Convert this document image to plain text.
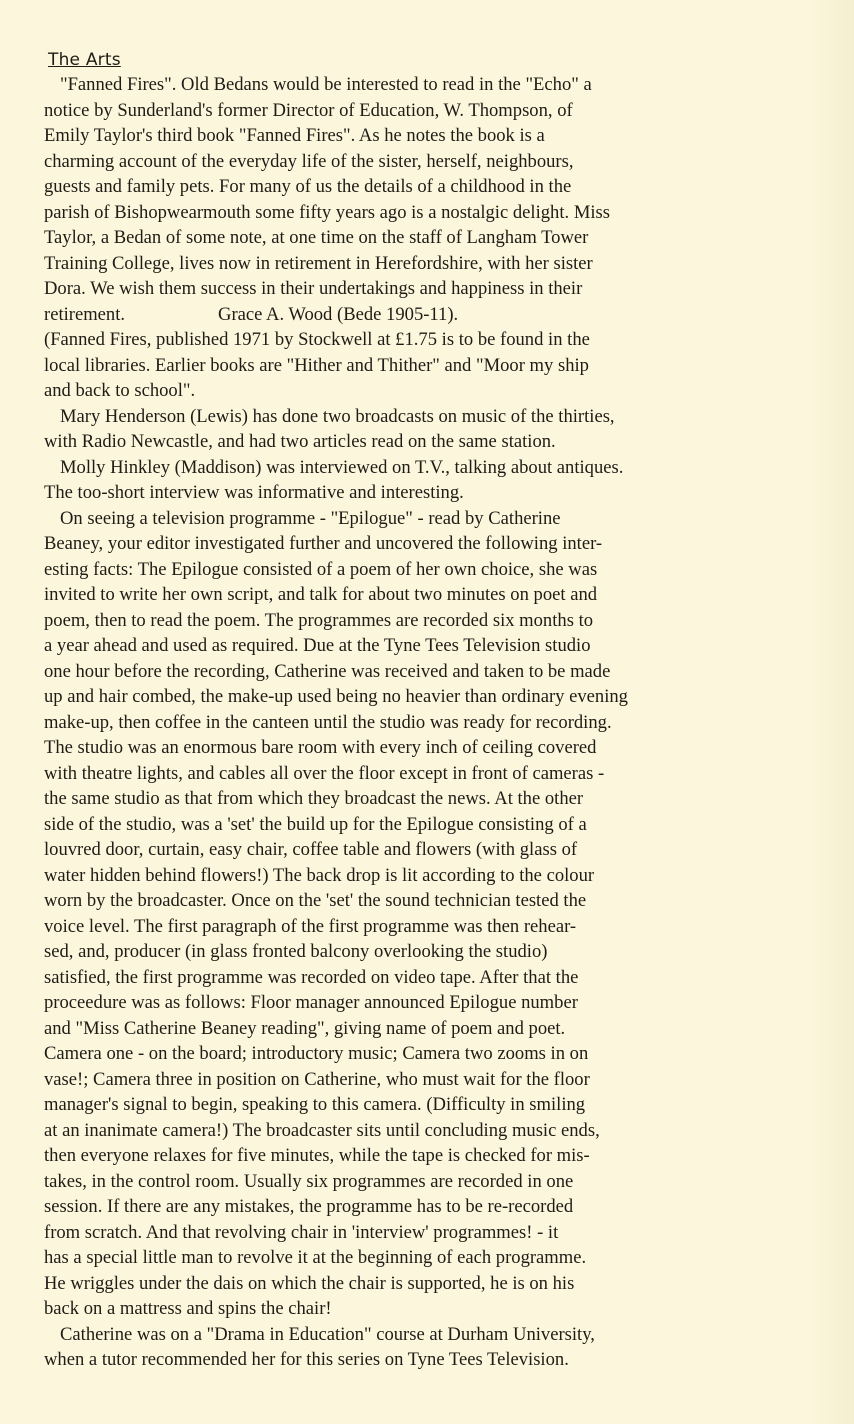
The Arts

"Fanned Fires". Old Bedans would be interested to read in the "Echo" a
notice by Sunderland's former Director of Education, W. Thompson, of
Emily Taylor's third book "Fanned Fires". As he notes the book is a
charming account of the everyday life of the sister, herself, neighbours,
guests and family pets. For many of us the details of a childhood in the
parish of Bishopwearmouth some fifty years ago is a nostalgic delight. Miss
Taylor, a Bedan of some note, at one time on the staff of Langham Tower
Training College, lives now in retirement in Herefordshire, with her sister
Dora. We wish them success in their undertakings and happiness in their
retirement.                    Grace A. Wood (Bede 1905-11).
(Fanned Fires, published 1971 by Stockwell at £1.75 is to be found in the
local libraries. Earlier books are "Hither and Thither" and "Moor my ship
and back to school".

Mary Henderson (Lewis) has done two broadcasts on music of the thirties,
with Radio Newcastle, and had two articles read on the same station.

Molly Hinkley (Maddison) was interviewed on T.V., talking about antiques.
The too-short interview was informative and interesting.

On seeing a television programme - "Epilogue" - read by Catherine
Beaney, your editor investigated further and uncovered the following inter-
esting facts: The Epilogue consisted of a poem of her own choice, she was
invited to write her own script, and talk for about two minutes on poet and
poem, then to read the poem. The programmes are recorded six months to
a year ahead and used as required. Due at the Tyne Tees Television studio
one hour before the recording, Catherine was received and taken to be made
up and hair combed, the make-up used being no heavier than ordinary evening
make-up, then coffee in the canteen until the studio was ready for recording.
The studio was an enormous bare room with every inch of ceiling covered
with theatre lights, and cables all over the floor except in front of cameras -
the same studio as that from which they broadcast the news. At the other
side of the studio, was a 'set' the build up for the Epilogue consisting of a
louvred door, curtain, easy chair, coffee table and flowers (with glass of
water hidden behind flowers!) The back drop is lit according to the colour
worn by the broadcaster. Once on the 'set' the sound technician tested the
voice level. The first paragraph of the first programme was then rehear-
sed, and, producer (in glass fronted balcony overlooking the studio)
satisfied, the first programme was recorded on video tape. After that the
proceedure was as follows: Floor manager announced Epilogue number
and "Miss Catherine Beaney reading", giving name of poem and poet.
Camera one - on the board; introductory music; Camera two zooms in on
vase!; Camera three in position on Catherine, who must wait for the floor
manager's signal to begin, speaking to this camera. (Difficulty in smiling
at an inanimate camera!) The broadcaster sits until concluding music ends,
then everyone relaxes for five minutes, while the tape is checked for mis-
takes, in the control room. Usually six programmes are recorded in one
session. If there are any mistakes, the programme has to be re-recorded
from scratch. And that revolving chair in 'interview' programmes! - it
has a special little man to revolve it at the beginning of each programme.
He wriggles under the dais on which the chair is supported, he is on his
back on a mattress and spins the chair!

Catherine was on a "Drama in Education" course at Durham University,
when a tutor recommended her for this series on Tyne Tees Television.
